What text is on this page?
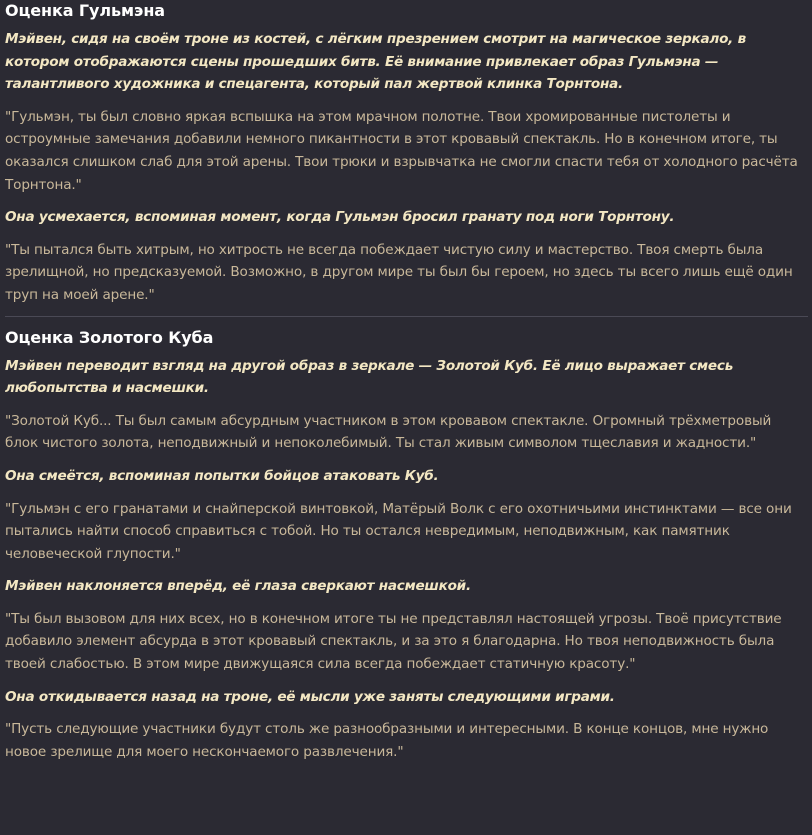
Оценка Гульмэна

Мэйвен, сидя на своём троне из костей, с лёгким презрением смотрит на магическое зеркало, в котором отображаются сцены прошедших битв. Её внимание привлекает образ Гульмэна — талантливого художника и спецагента, который пал жертвой клинка Торнтона.

"Гульмэн, ты был словно яркая вспышка на этом мрачном полотне. Твои хромированные пистолеты и остроумные замечания добавили немного пикантности в этот кровавый спектакль. Но в конечном итоге, ты оказался слишком слаб для этой арены. Твои трюки и взрывчатка не смогли спасти тебя от холодного расчёта Торнтона."

Она усмехается, вспоминая момент, когда Гульмэн бросил гранату под ноги Торнтону.

"Ты пытался быть хитрым, но хитрость не всегда побеждает чистую силу и мастерство. Твоя смерть была зрелищной, но предсказуемой. Возможно, в другом мире ты был бы героем, но здесь ты всего лишь ещё один труп на моей арене."

Оценка Золотого Куба

Мэйвен переводит взгляд на другой образ в зеркале — Золотой Куб. Её лицо выражает смесь любопытства и насмешки.

"Золотой Куб... Ты был самым абсурдным участником в этом кровавом спектакле. Огромный трёхметровый блок чистого золота, неподвижный и непоколебимый. Ты стал живым символом тщеславия и жадности."

Она смеётся, вспоминая попытки бойцов атаковать Куб.

"Гульмэн с его гранатами и снайперской винтовкой, Матёрый Волк с его охотничьими инстинктами — все они пытались найти способ справиться с тобой. Но ты остался невредимым, неподвижным, как памятник человеческой глупости."

Мэйвен наклоняется вперёд, её глаза сверкают насмешкой.

"Ты был вызовом для них всех, но в конечном итоге ты не представлял настоящей угрозы. Твоё присутствие добавило элемент абсурда в этот кровавый спектакль, и за это я благодарна. Но твоя неподвижность была твоей слабостью. В этом мире движущаяся сила всегда побеждает статичную красоту."

Она откидывается назад на троне, её мысли уже заняты следующими играми.

"Пусть следующие участники будут столь же разнообразными и интересными. В конце концов, мне нужно новое зрелище для моего нескончаемого развлечения."
